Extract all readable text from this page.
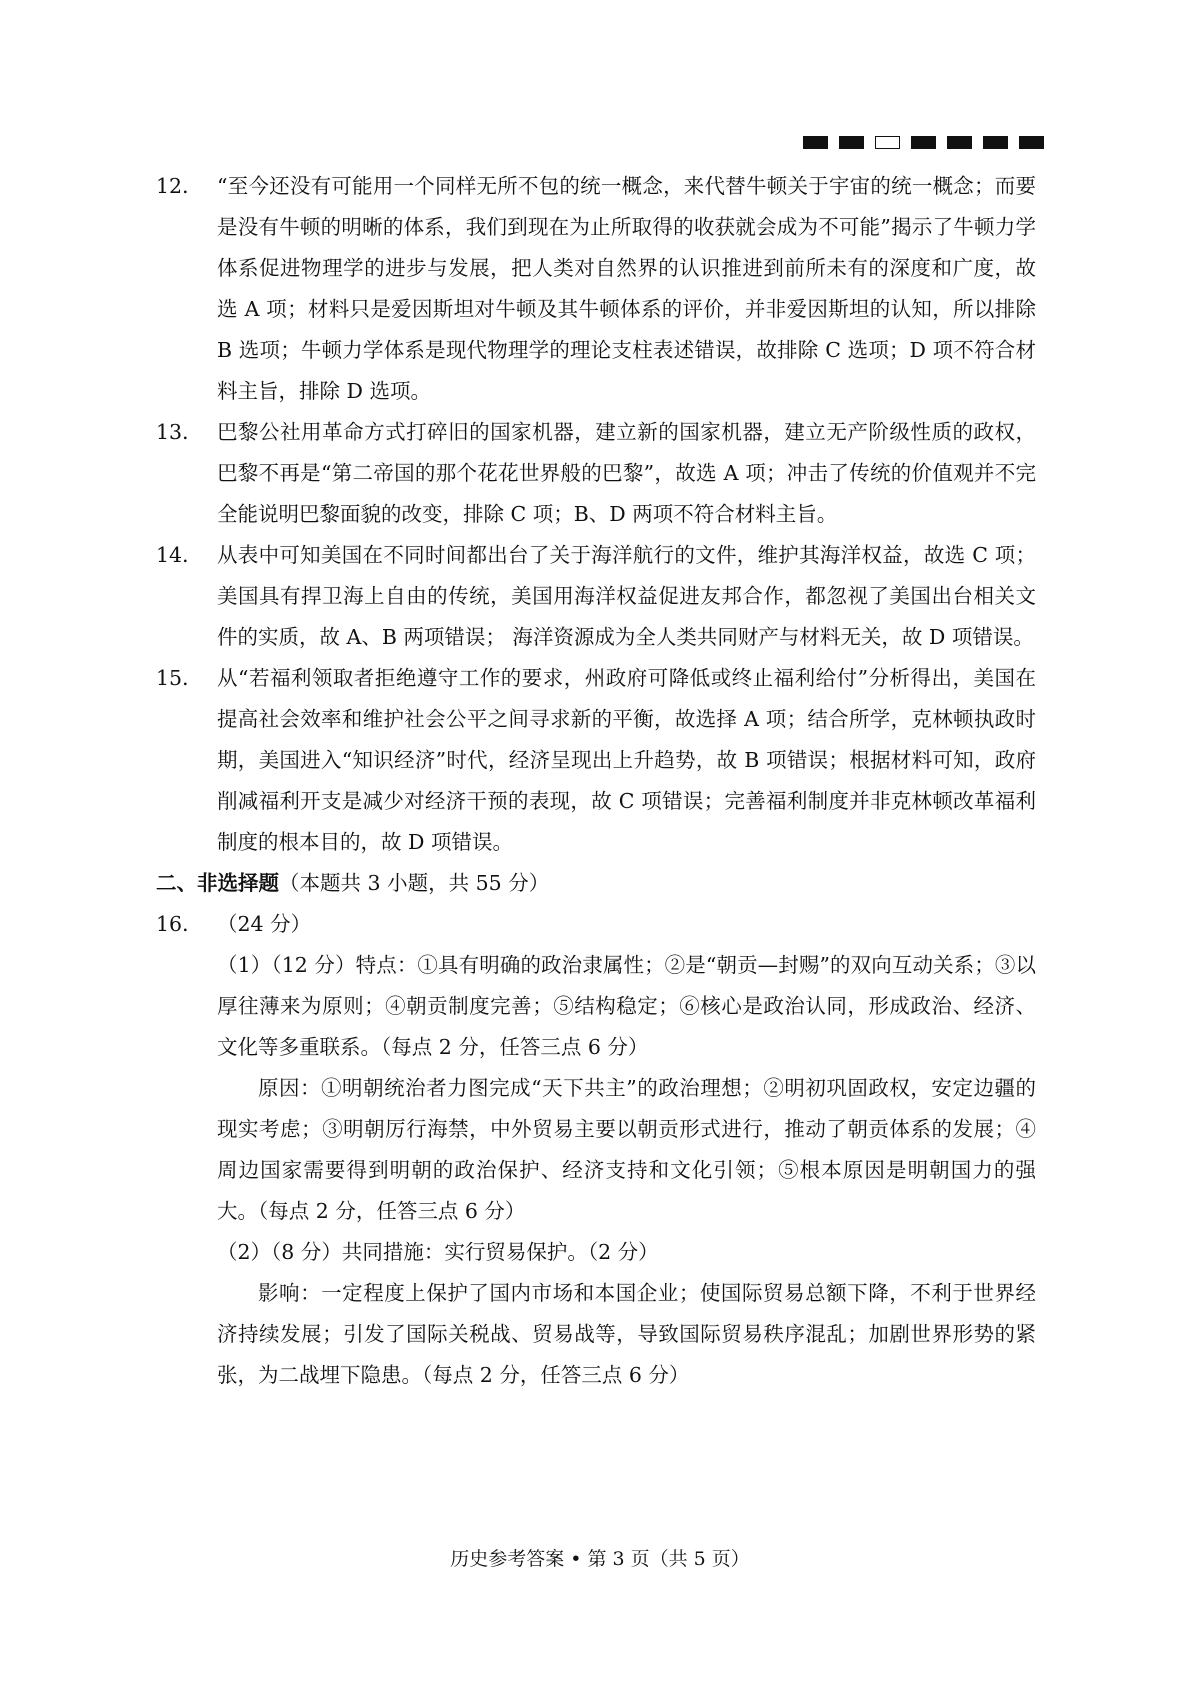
12． “至今还没有可能用一个同样无所不包的统一概念，来代替牛顿关于宇宙的统一概念；而要是没有牛顿的明晰的体系，我们到现在为止所取得的收获就会成为不可能”揭示了牛顿力学体系促进物理学的进步与发展，把人类对自然界的认识推进到前所未有的深度和广度，故选 A 项；材料只是爱因斯坦对牛顿及其牛顿体系的评价，并非爱因斯坦的认知，所以排除 B 选项；牛顿力学体系是现代物理学的理论支柱表述错误，故排除 C 选项；D 项不符合材料主旨，排除 D 选项。
13． 巴黎公社用革命方式打碎旧的国家机器，建立新的国家机器，建立无产阶级性质的政权，巴黎不再是“第二帝国的那个花花世界般的巴黎”，故选 A 项；冲击了传统的价值观并不完全能说明巴黎面貌的改变，排除 C 项；B、D 两项不符合材料主旨。
14． 从表中可知美国在不同时间都出台了关于海洋航行的文件，维护其海洋权益，故选 C 项；美国具有捍卫海上自由的传统，美国用海洋权益促进友邦合作，都忽视了美国出台相关文件的实质，故 A、B 两项错误； 海洋资源成为全人类共同财产与材料无关，故 D 项错误。
15． 从“若福利领取者拒绝遵守工作的要求，州政府可降低或终止福利给付”分析得出，美国在提高社会效率和维护社会公平之间寻求新的平衡，故选择 A 项；结合所学，克林顿执政时期，美国进入“知识经济”时代，经济呈现出上升趋势，故 B 项错误；根据材料可知，政府削减福利开支是减少对经济干预的表现，故 C 项错误；完善福利制度并非克林顿改革福利制度的根本目的，故 D 项错误。
二、非选择题（本题共 3 小题，共 55 分）
16． （24 分）
（1）（12 分）特点：①具有明确的政治隶属性；②是“朝贡—封赐”的双向互动关系；③以厚往薄来为原则；④朝贡制度完善；⑤结构稳定；⑥核心是政治认同，形成政治、经济、文化等多重联系。（每点 2 分，任答三点 6 分）
原因：①明朝统治者力图完成“天下共主”的政治理想；②明初巩固政权，安定边疆的现实考虑；③明朝厉行海禁，中外贸易主要以朝贡形式进行，推动了朝贡体系的发展；④周边国家需要得到明朝的政治保护、经济支持和文化引领；⑤根本原因是明朝国力的强大。（每点 2 分，任答三点 6 分）
（2）（8 分）共同措施：实行贸易保护。（2 分）
影响：一定程度上保护了国内市场和本国企业；使国际贸易总额下降，不利于世界经济持续发展；引发了国际关税战、贸易战等，导致国际贸易秩序混乱；加剧世界形势的紧张，为二战埋下隐患。（每点 2 分，任答三点 6 分）
历史参考答案 • 第 3 页（共 5 页）
